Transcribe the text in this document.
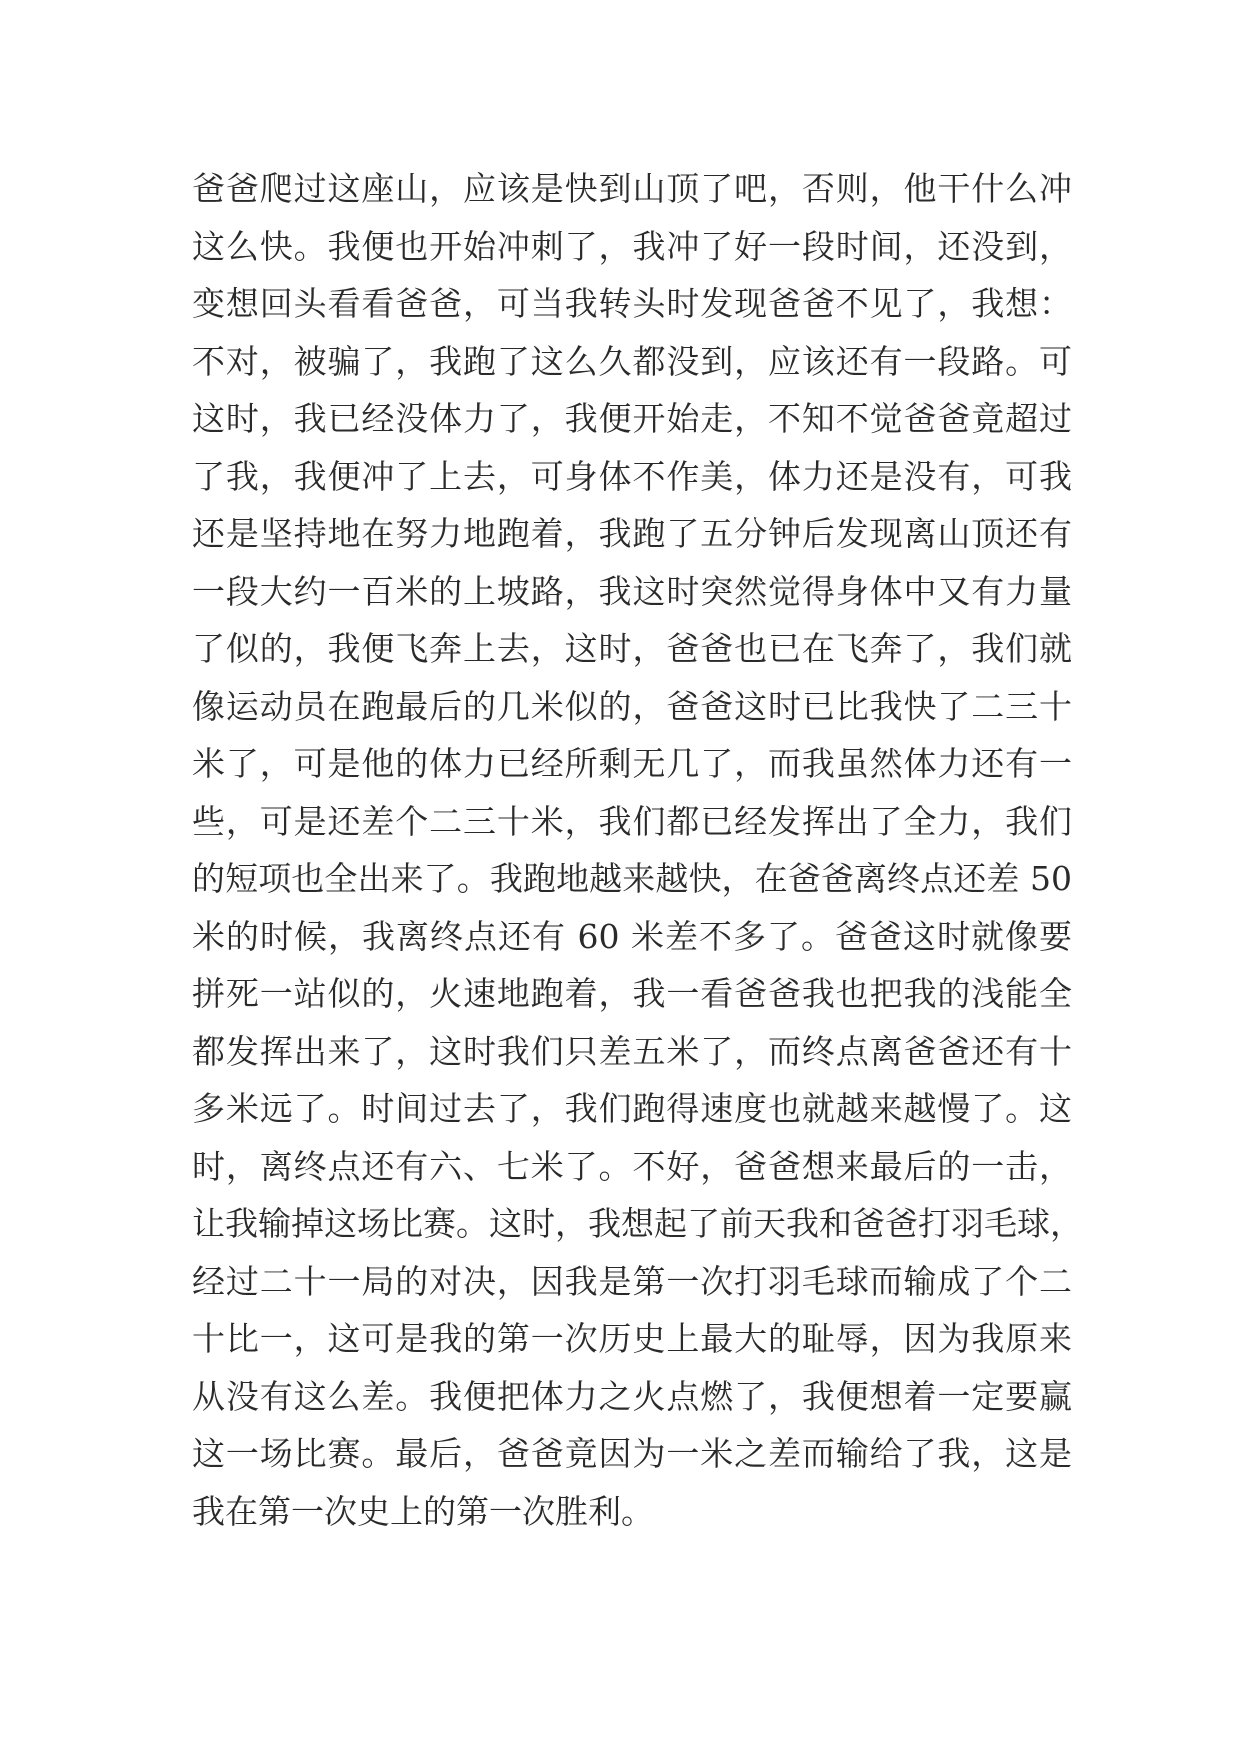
爸爸爬过这座山，应该是快到山顶了吧，否则，他干什么冲
这么快。我便也开始冲刺了，我冲了好一段时间，还没到，
变想回头看看爸爸，可当我转头时发现爸爸不见了，我想：
不对，被骗了，我跑了这么久都没到，应该还有一段路。可
这时，我已经没体力了，我便开始走，不知不觉爸爸竟超过
了我，我便冲了上去，可身体不作美，体力还是没有，可我
还是坚持地在努力地跑着，我跑了五分钟后发现离山顶还有
一段大约一百米的上坡路，我这时突然觉得身体中又有力量
了似的，我便飞奔上去，这时，爸爸也已在飞奔了，我们就
像运动员在跑最后的几米似的，爸爸这时已比我快了二三十
米了，可是他的体力已经所剩无几了，而我虽然体力还有一
些，可是还差个二三十米，我们都已经发挥出了全力，我们
的短项也全出来了。我跑地越来越快，在爸爸离终点还差 50
米的时候，我离终点还有 60 米差不多了。爸爸这时就像要
拼死一站似的，火速地跑着，我一看爸爸我也把我的浅能全
都发挥出来了，这时我们只差五米了，而终点离爸爸还有十
多米远了。时间过去了，我们跑得速度也就越来越慢了。这
时，离终点还有六、七米了。不好，爸爸想来最后的一击，
让我输掉这场比赛。这时，我想起了前天我和爸爸打羽毛球，
经过二十一局的对决，因我是第一次打羽毛球而输成了个二
十比一，这可是我的第一次历史上最大的耻辱，因为我原来
从没有这么差。我便把体力之火点燃了，我便想着一定要赢
这一场比赛。最后，爸爸竟因为一米之差而输给了我，这是
我在第一次史上的第一次胜利。
